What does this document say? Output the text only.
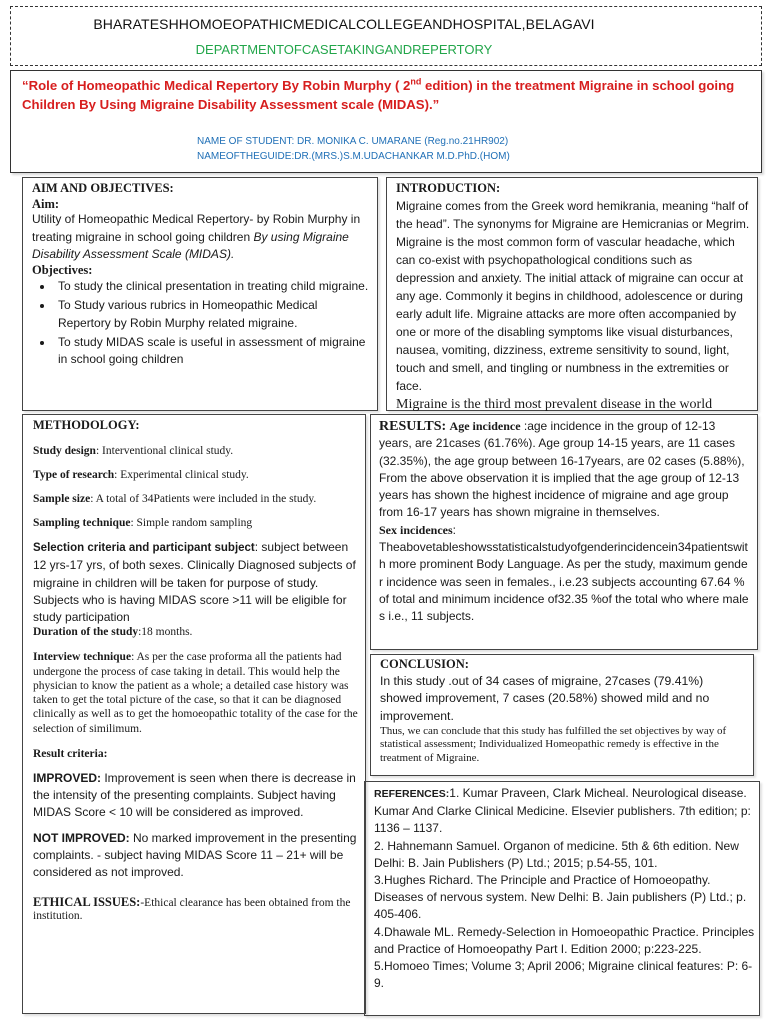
BHARATESHHOMOEOPATHICMEDICALCOLLEGEANDHOSPITAL,BELAGAVI
DEPARTMENTOFCASETAKINGANDREPERTORY
“Role of Homeopathic Medical Repertory By Robin Murphy ( 2nd edition) in the treatment Migraine in school going Children By Using Migraine Disability Assessment scale (MIDAS).”
NAME OF STUDENT: DR. MONIKA C. UMARANE (Reg.no.21HR902)
NAMEOFTHEGUIDE:DR.(MRS.)S.M.UDACHANKAR M.D.PhD.(HOM)
AIM AND OBJECTIVES:
Aim:
Utility of Homeopathic Medical Repertory- by Robin Murphy in treating migraine in school going children By using Migraine Disability Assessment Scale (MIDAS).
Objectives:
• To study the clinical presentation in treating child migraine.
• To Study various rubrics in Homeopathic Medical Repertory by Robin Murphy related migraine.
• To study MIDAS scale is useful in assessment of migraine in school going children
INTRODUCTION:
Migraine comes from the Greek word hemikrania, meaning “half of the head”. The synonyms for Migraine are Hemicranias or Megrim. Migraine is the most common form of vascular headache, which can co-exist with psychopathological conditions such as depression and anxiety. The initial attack of migraine can occur at any age. Commonly it begins in childhood, adolescence or during early adult life. Migraine attacks are more often accompanied by one or more of the disabling symptoms like visual disturbances, nausea, vomiting, dizziness, extreme sensitivity to sound, light, touch and smell, and tingling or numbness in the extremities or face.
Migraine is the third most prevalent disease in the world
METHODOLOGY:
Study design: Interventional clinical study.
Type of research: Experimental clinical study.
Sample size: A total of 34Patients were included in the study.
Sampling technique: Simple random sampling
Selection criteria and participant subject: subject between 12 yrs-17 yrs, of both sexes. Clinically Diagnosed subjects of migraine in children will be taken for purpose of study. Subjects who is having MIDAS score >11 will be eligible for study participation
Duration of the study:18 months.
Interview technique: As per the case proforma all the patients had undergone the process of case taking in detail. This would help the physician to know the patient as a whole; a detailed case history was taken to get the total picture of the case, so that it can be diagnosed clinically as well as to get the homoeopathic totality of the case for the selection of similimum.
Result criteria:
IMPROVED: Improvement is seen when there is decrease in the intensity of the presenting complaints. Subject having MIDAS Score < 10 will be considered as improved.
NOT IMPROVED: No marked improvement in the presenting complaints. - subject having MIDAS Score 11 – 21+ will be considered as not improved.
ETHICAL ISSUES:-Ethical clearance has been obtained from the institution.
RESULTS: Age incidence :age incidence in the group of 12-13 years, are 21cases (61.76%). Age group 14-15 years, are 11 cases (32.35%), the age group between 16-17years, are 02 cases (5.88%), From the above observation it is implied that the age group of 12-13 years has shown the highest incidence of migraine and age group from 16-17 years has shown migraine in themselves.
Sex incidences:
Theabovetableshowsstatisticalstudyofgenderincidencein34patientswith more prominent Body Language. As per the study, maximum gender incidence was seen in females., i.e.23 subjects accounting 67.64 % of total and minimum incidence of32.35 %of the total who where males i.e., 11 subjects.
CONCLUSION:
In this study .out of 34 cases of migraine, 27cases (79.41%) showed improvement, 7 cases (20.58%) showed mild and no improvement.
Thus, we can conclude that this study has fulfilled the set objectives by way of statistical assessment; Individualized Homeopathic remedy is effective in the treatment of Migraine.
REFERENCES:1. Kumar Praveen, Clark Micheal. Neurological disease. Kumar And Clarke Clinical Medicine. Elsevier publishers. 7th edition; p: 1136 – 1137.
2. Hahnemann Samuel. Organon of medicine. 5th & 6th edition. New Delhi: B. Jain Publishers (P) Ltd.; 2015; p.54-55, 101.
3.Hughes Richard. The Principle and Practice of Homoeopathy. Diseases of nervous system. New Delhi: B. Jain publishers (P) Ltd.; p. 405-406.
4.Dhawale ML. Remedy-Selection in Homoeopathic Practice. Principles and Practice of Homoeopathy Part I. Edition 2000; p:223-225.
5.Homoeo Times; Volume 3; April 2006; Migraine clinical features: P: 6-9.
